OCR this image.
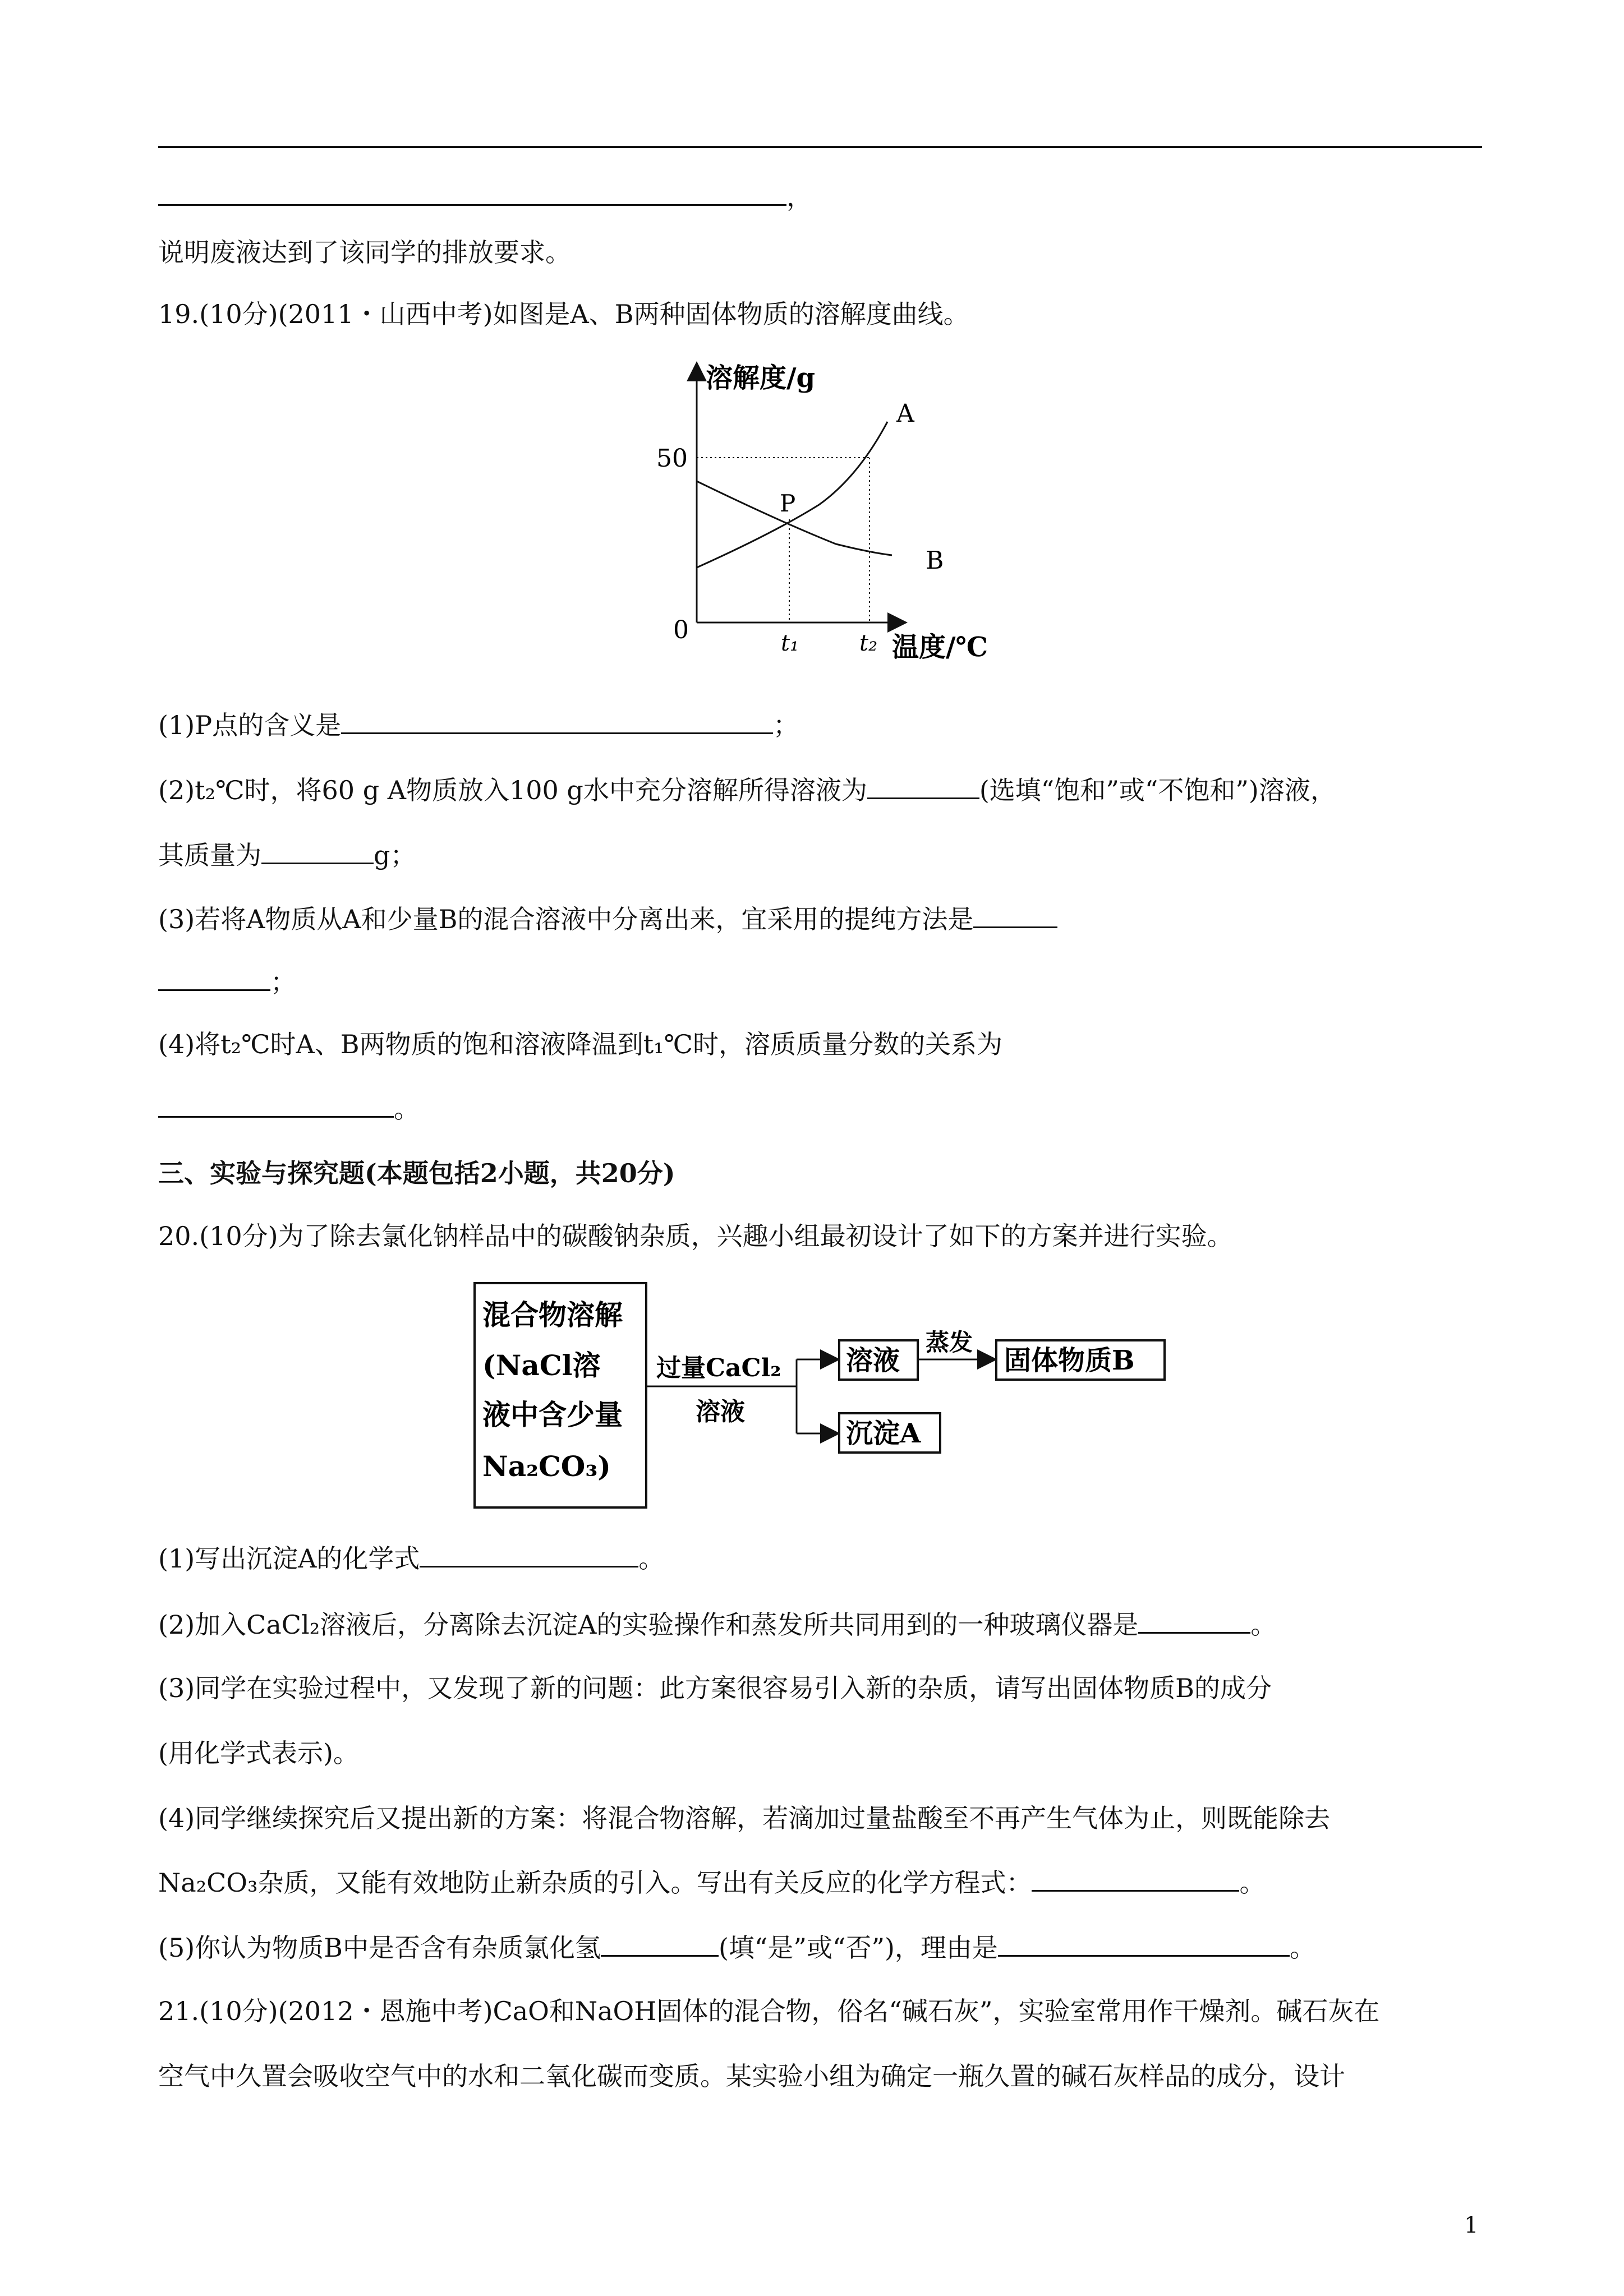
，
说明废液达到了该同学的排放要求。
19.(10分)(2011・山西中考)如图是A、B两种固体物质的溶解度曲线。
溶解度/g
50
0	t₁	t₂ 温度/℃
A
B
P
(1)P点的含义是	；
(2)t₂℃时，将60 g A物质放入100 g水中充分溶解所得溶液为	(选填“饱和”或“不饱和”)溶液，
其质量为	g；
(3)若将A物质从A和少量B的混合溶液中分离出来，宜采用的提纯方法是
；
(4)将t₂℃时A、B两物质的饱和溶液降温到t₁℃时，溶质质量分数的关系为
。
三、实验与探究题(本题包括2小题，共20分)
20.(10分)为了除去氯化钠样品中的碳酸钠杂质，兴趣小组最初设计了如下的方案并进行实验。
混合物溶解
(NaCl溶
液中含少量
Na₂CO₃)
过量CaCl₂
溶液
溶液
蒸发
固体物质B
沉淀A
(1)写出沉淀A的化学式	。
(2)加入CaCl₂溶液后，分离除去沉淀A的实验操作和蒸发所共同用到的一种玻璃仪器是	。
(3)同学在实验过程中，又发现了新的问题：此方案很容易引入新的杂质，请写出固体物质B的成分
(用化学式表示)。
(4)同学继续探究后又提出新的方案：将混合物溶解，若滴加过量盐酸至不再产生气体为止，则既能除去
Na₂CO₃杂质，又能有效地防止新杂质的引入。写出有关反应的化学方程式：	。
(5)你认为物质B中是否含有杂质氯化氢	(填“是”或“否”)，理由是	。
21.(10分)(2012・恩施中考)CaO和NaOH固体的混合物，俗名“碱石灰”，实验室常用作干燥剂。碱石灰在
空气中久置会吸收空气中的水和二氧化碳而变质。某实验小组为确定一瓶久置的碱石灰样品的成分，设计
1
